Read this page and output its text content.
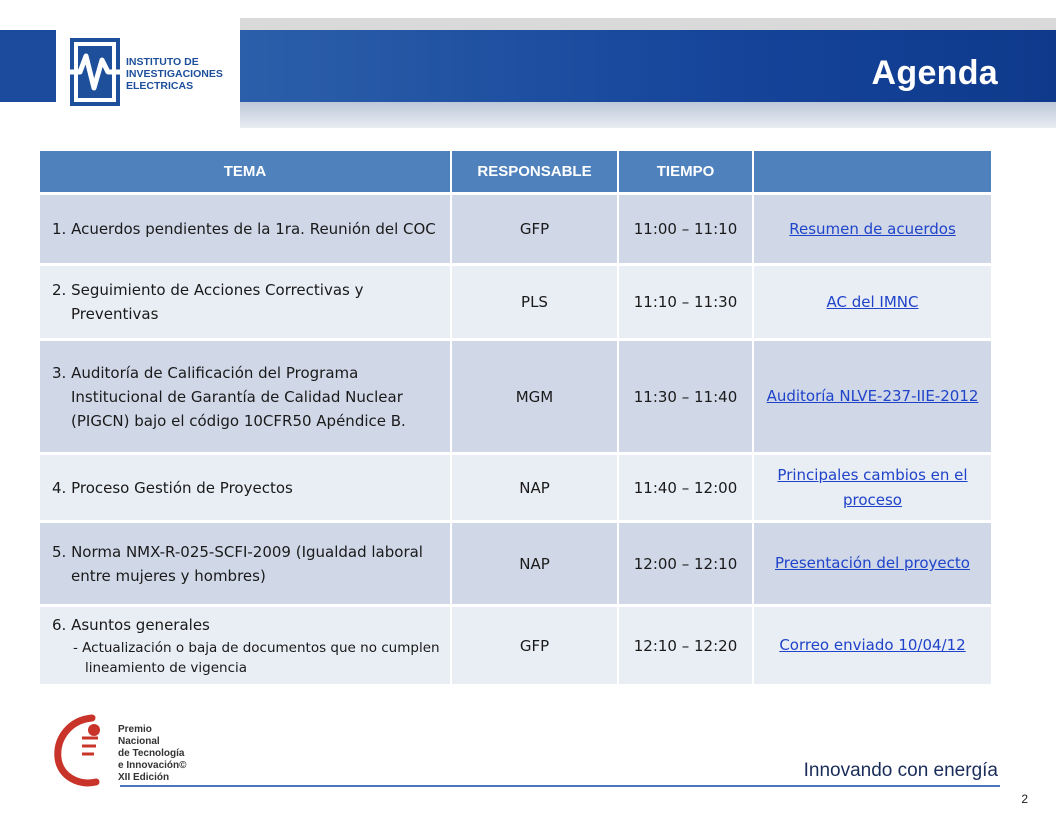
INSTITUTO DE
INVESTIGACIONES
ELECTRICAS	Agenda
TEMA	RESPONSABLE	TIEMPO	

1. Acuerdos pendientes de la 1ra. Reunión del COC	GFP	11:00 – 11:10	Resumen de acuerdos

2. Seguimiento de Acciones Correctivas y Preventivas	PLS	11:10 – 11:30	AC del IMNC

3. Auditoría de Calificación del Programa Institucional de Garantía de Calidad Nuclear (PIGCN) bajo el código 10CFR50 Apéndice B.	MGM	11:30 – 11:40	Auditoría NLVE-237-IIE-2012

4. Proceso Gestión de Proyectos	NAP	11:40 – 12:00	Principales cambios en el proceso

5. Norma NMX-R-025-SCFI-2009 (Igualdad laboral entre mujeres y hombres)	NAP	12:00 – 12:10	Presentación del proyecto

6. Asuntos generales
- Actualización o baja de documentos que no cumplen lineamiento de vigencia	GFP	12:10 – 12:20	Correo enviado 10/04/12
Premio
Nacional
de Tecnología
e Innovación©
XII Edición	Innovando con energía
2
